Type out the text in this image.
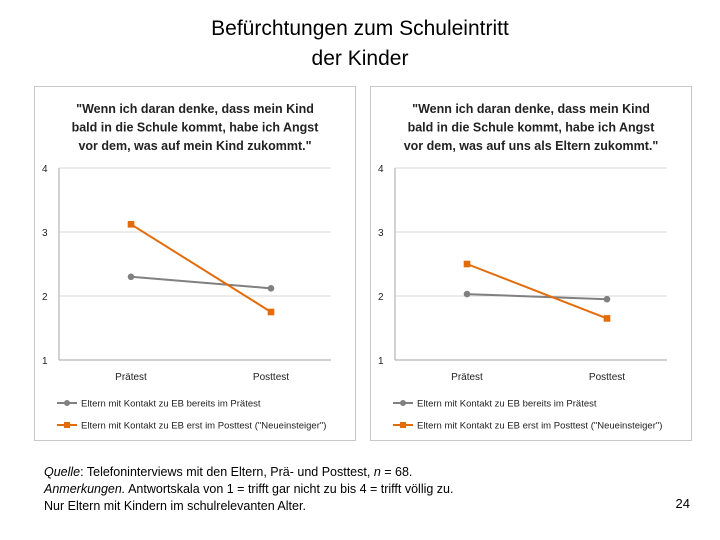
Befürchtungen zum Schuleintritt
der Kinder
"Wenn ich daran denke, dass mein Kind
bald in die Schule kommt, habe ich Angst
vor dem, was auf mein Kind zukommt."
1
2
3
4
Prätest	Posttest
Eltern mit Kontakt zu EB bereits im Prätest
Eltern mit Kontakt zu EB erst im Posttest ("Neueinsteiger")
"Wenn ich daran denke, dass mein Kind
bald in die Schule kommt, habe ich Angst
vor dem, was auf uns als Eltern zukommt."
1
2
3
4
Prätest	Posttest
Eltern mit Kontakt zu EB bereits im Prätest
Eltern mit Kontakt zu EB erst im Posttest ("Neueinsteiger")
Quelle: Telefoninterviews mit den Eltern, Prä- und Posttest, n = 68.
Anmerkungen. Antwortskala von 1 = trifft gar nicht zu bis 4 = trifft völlig zu.
Nur Eltern mit Kindern im schulrelevanten Alter.	24
